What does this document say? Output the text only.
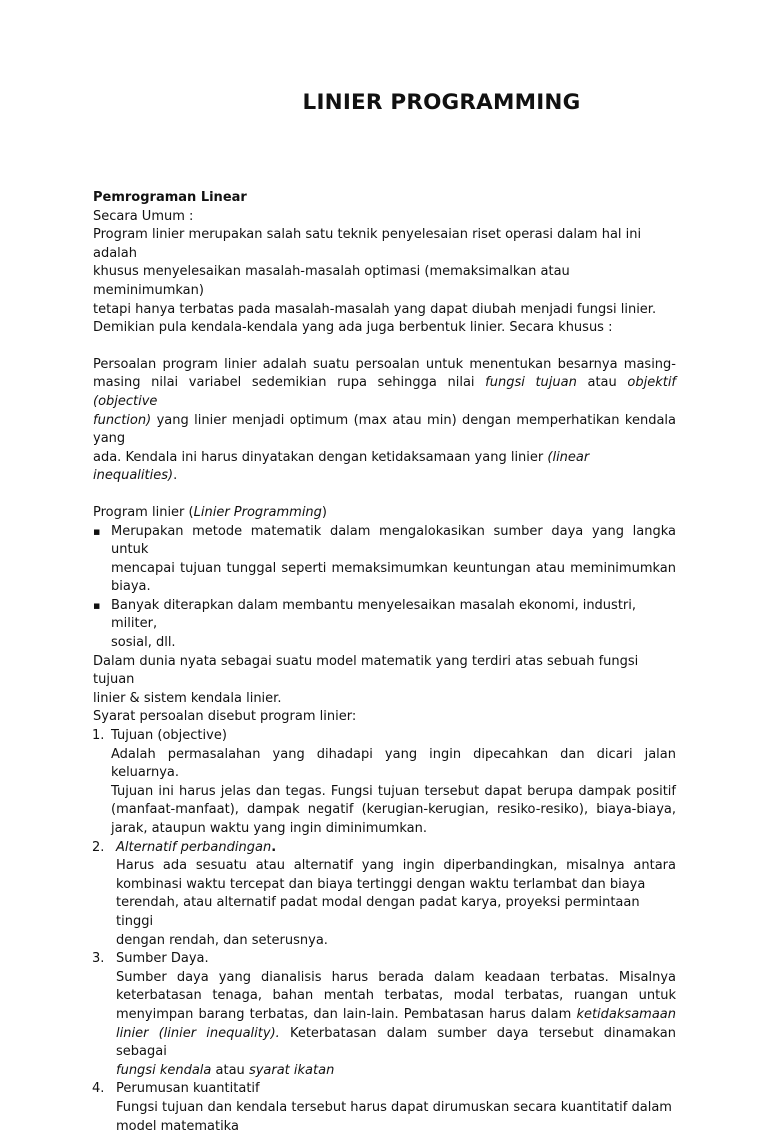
LINIER PROGRAMMING
Pemrograman Linear
Secara Umum :
Program linier merupakan salah satu teknik penyelesaian riset operasi dalam hal ini adalah
khusus menyelesaikan masalah-masalah optimasi (memaksimalkan atau meminimumkan)
tetapi hanya terbatas pada masalah-masalah yang dapat diubah menjadi fungsi linier.
Demikian pula kendala-kendala yang ada juga berbentuk linier. Secara khusus :
Persoalan program linier adalah suatu persoalan untuk menentukan besarnya masing-
masing nilai variabel sedemikian rupa sehingga nilai fungsi tujuan atau objektif (objective
function) yang linier menjadi optimum (max atau min) dengan memperhatikan kendala yang
ada. Kendala ini harus dinyatakan dengan ketidaksamaan yang linier (linear inequalities).
Program linier (Linier Programming)
▪ Merupakan metode matematik dalam mengalokasikan sumber daya yang langka untuk
mencapai tujuan tunggal seperti memaksimumkan keuntungan atau meminimumkan
biaya.
▪ Banyak diterapkan dalam membantu menyelesaikan masalah ekonomi, industri, militer,
sosial, dll.
Dalam dunia nyata sebagai suatu model matematik yang terdiri atas sebuah fungsi tujuan
linier & sistem kendala linier.
Syarat persoalan disebut program linier:
1. Tujuan (objective)
Adalah permasalahan yang dihadapi yang ingin dipecahkan dan dicari jalan keluarnya.
Tujuan ini harus jelas dan tegas. Fungsi tujuan tersebut dapat berupa dampak positif
(manfaat-manfaat), dampak negatif (kerugian-kerugian, resiko-resiko), biaya-biaya,
jarak, ataupun waktu yang ingin diminimumkan.
2. Alternatif perbandingan.
Harus ada sesuatu atau alternatif yang ingin diperbandingkan, misalnya antara
kombinasi waktu tercepat dan biaya tertinggi dengan waktu terlambat dan biaya
terendah, atau alternatif padat modal dengan padat karya, proyeksi permintaan tinggi
dengan rendah, dan seterusnya.
3. Sumber Daya.
Sumber daya yang dianalisis harus berada dalam keadaan terbatas. Misalnya
keterbatasan tenaga, bahan mentah terbatas, modal terbatas, ruangan untuk
menyimpan barang terbatas, dan lain-lain. Pembatasan harus dalam ketidaksamaan
linier (linier inequality). Keterbatasan dalam sumber daya tersebut dinamakan sebagai
fungsi kendala atau syarat ikatan
4. Perumusan kuantitatif
Fungsi tujuan dan kendala tersebut harus dapat dirumuskan secara kuantitatif dalam
model matematika
